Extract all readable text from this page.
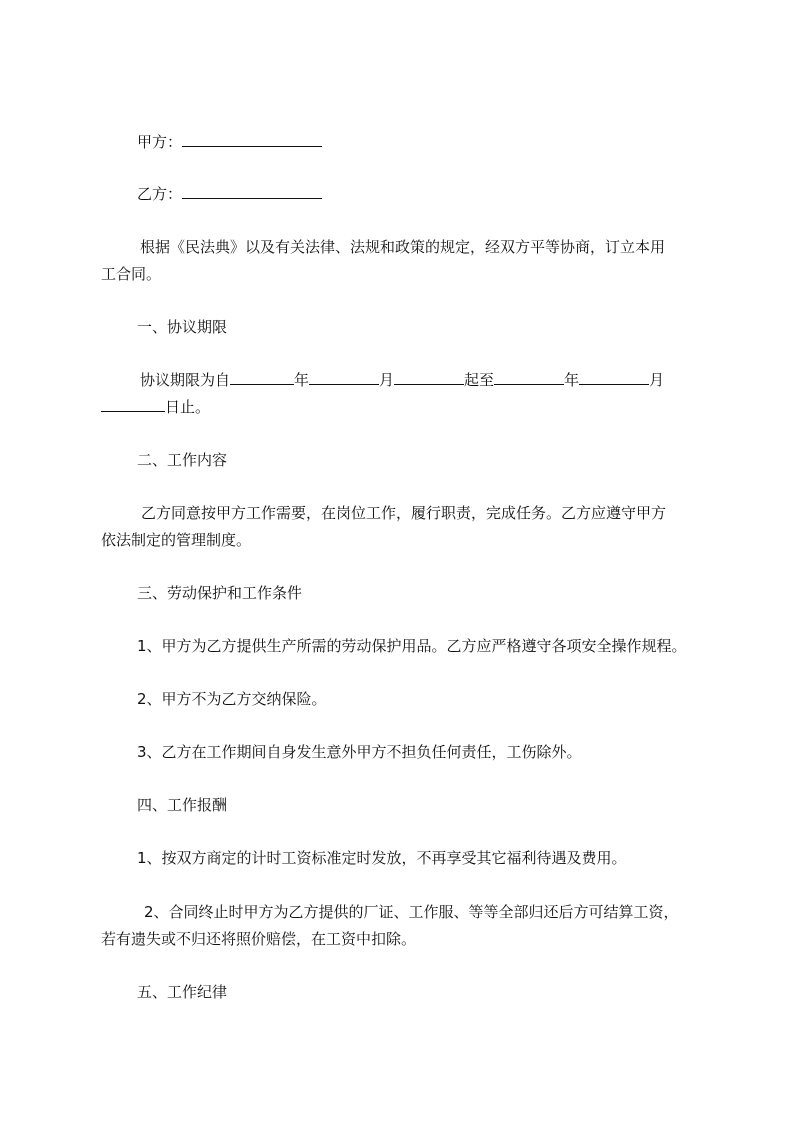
甲方：
乙方：
根据《民法典》以及有关法律、法规和政策的规定，经双方平等协商，订立本用
工合同。
一、协议期限
协议期限为自	年	月	起至	年	月
日止。
二、工作内容
乙方同意按甲方工作需要，在岗位工作，履行职责，完成任务。乙方应遵守甲方
依法制定的管理制度。
三、劳动保护和工作条件
1、甲方为乙方提供生产所需的劳动保护用品。乙方应严格遵守各项安全操作规程。
2、甲方不为乙方交纳保险。
3、乙方在工作期间自身发生意外甲方不担负任何责任，工伤除外。
四、工作报酬
1、按双方商定的计时工资标准定时发放，不再享受其它福利待遇及费用。
2、合同终止时甲方为乙方提供的厂证、工作服、等等全部归还后方可结算工资，
若有遗失或不归还将照价赔偿，在工资中扣除。
五、工作纪律
